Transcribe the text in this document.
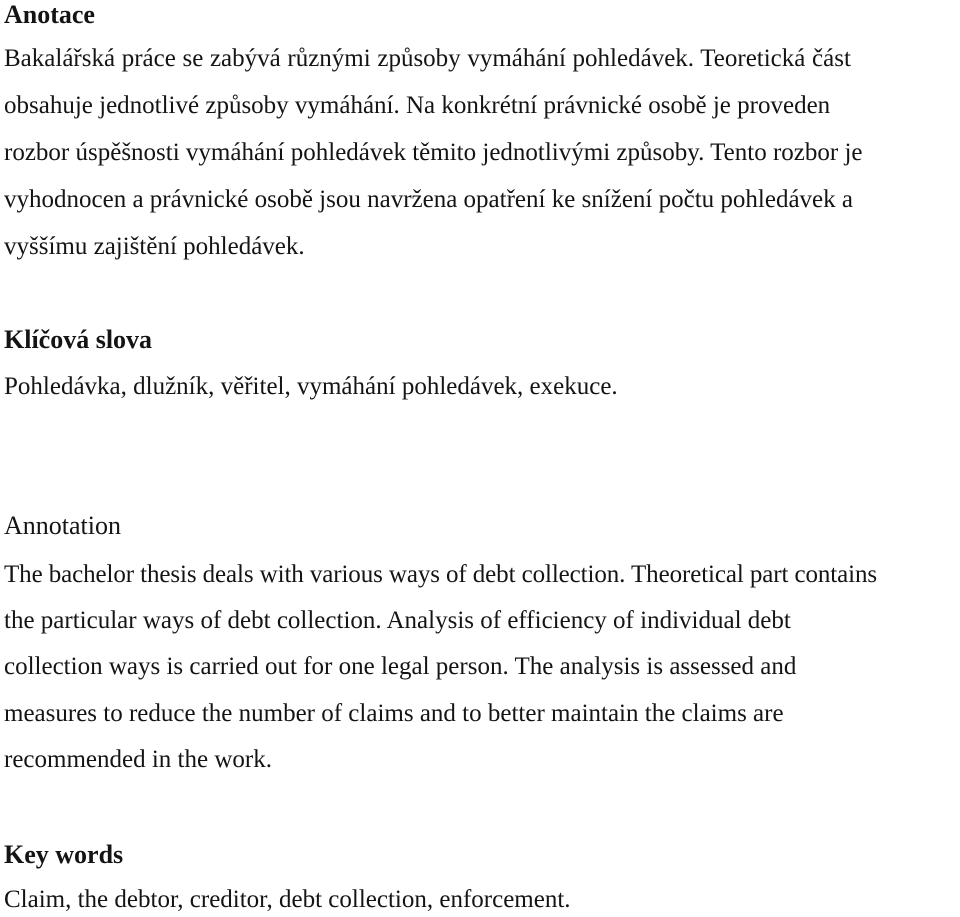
Anotace

Bakalářská práce se zabývá různými způsoby vymáhání pohledávek. Teoretická část

obsahuje jednotlivé způsoby vymáhání. Na konkrétní právnické osobě je proveden

rozbor úspěšnosti vymáhání pohledávek těmito jednotlivými způsoby. Tento rozbor je

vyhodnocen a právnické osobě jsou navržena opatření ke snížení počtu pohledávek a

vyššímu zajištění pohledávek.

Klíčová slova

Pohledávka, dlužník, věřitel, vymáhání pohledávek, exekuce.

Annotation

The bachelor thesis deals with various ways of debt collection. Theoretical part contains

the particular ways of debt collection. Analysis of efficiency of individual debt

collection ways is carried out for one legal person. The analysis is assessed and

measures to reduce the number of claims and to better maintain the claims are

recommended in the work.

Key words

Claim, the debtor, creditor, debt collection, enforcement.
